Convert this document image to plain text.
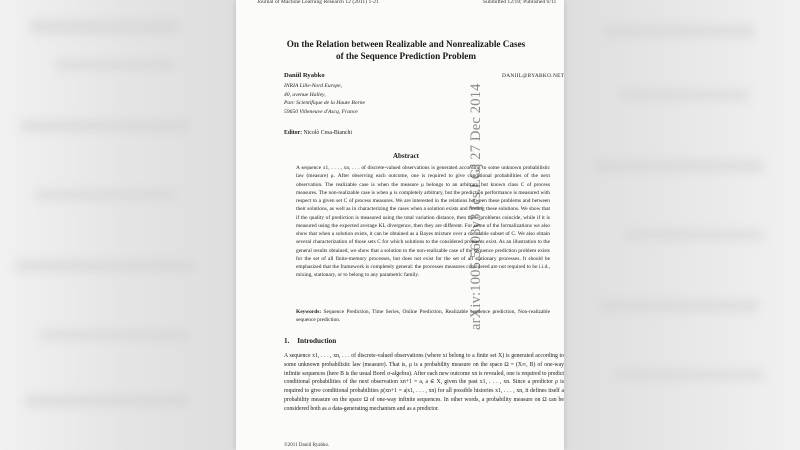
arXiv:1005.5603v3 [cs.LG] 27 Dec 2014
Journal of Machine Learning Research 12 (2011) 1-21	Submitted 12/10; Published 6/11
On the Relation between Realizable and Nonrealizable Cases
of the Sequence Prediction Problem
Daniil Ryabko	DANIIL@RYABKO.NET
INRIA Lille-Nord Europe,
40, avenue Halley,
Parc Scientifique de la Haute Borne
59650 Villeneuve d'Ascq, France
Editor: Nicolò Cesa-Bianchi
Abstract
A sequence x1, . . . , xn, . . . of discrete-valued observations is generated according to some unknown probabilistic law (measure) μ. After observing each outcome, one is required to give conditional probabilities of the next observation. The realizable case is when the measure μ belongs to an arbitrary but known class C of process measures. The non-realizable case is when μ is completely arbitrary, but the prediction performance is measured with respect to a given set C of process measures. We are interested in the relations between these problems and between their solutions, as well as in characterizing the cases when a solution exists and finding these solutions. We show that if the quality of prediction is measured using the total variation distance, then these problems coincide, while if it is measured using the expected average KL divergence, then they are different. For some of the formalizations we also show that when a solution exists, it can be obtained as a Bayes mixture over a countable subset of C. We also obtain several characterization of those sets C for which solutions to the considered problems exist. As an illustration to the general results obtained, we show that a solution to the non-realizable case of the sequence prediction problem exists for the set of all finite-memory processes, but does not exist for the set of all stationary processes. It should be emphasized that the framework is completely general: the processes measures considered are not required to be i.i.d., mixing, stationary, or to belong to any parametric family.
Keywords: Sequence Prediction, Time Series, Online Prediction, Realizable sequence prediction, Non-realizable sequence prediction.
1. Introduction
A sequence x1, . . . , xn, . . . of discrete-valued observations (where xi belong to a finite set X) is generated according to some unknown probabilistic law (measure). That is, μ is a probability measure on the space Ω = (X∞, B) of one-way infinite sequences (here B is the usual Borel σ-algebra). After each new outcome xn is revealed, one is required to predict conditional probabilities of the next observation xn+1 = a, a ∈ X, given the past x1, . . . , xn. Since a predictor ρ is required to give conditional probabilities ρ(xn+1 = a|x1, . . . , xn) for all possible histories x1, . . . , xn, it defines itself a probability measure on the space Ω of one-way infinite sequences. In other words, a probability measure on Ω can be considered both as a data-generating mechanism and as a predictor.
©2011 Daniil Ryabko.
